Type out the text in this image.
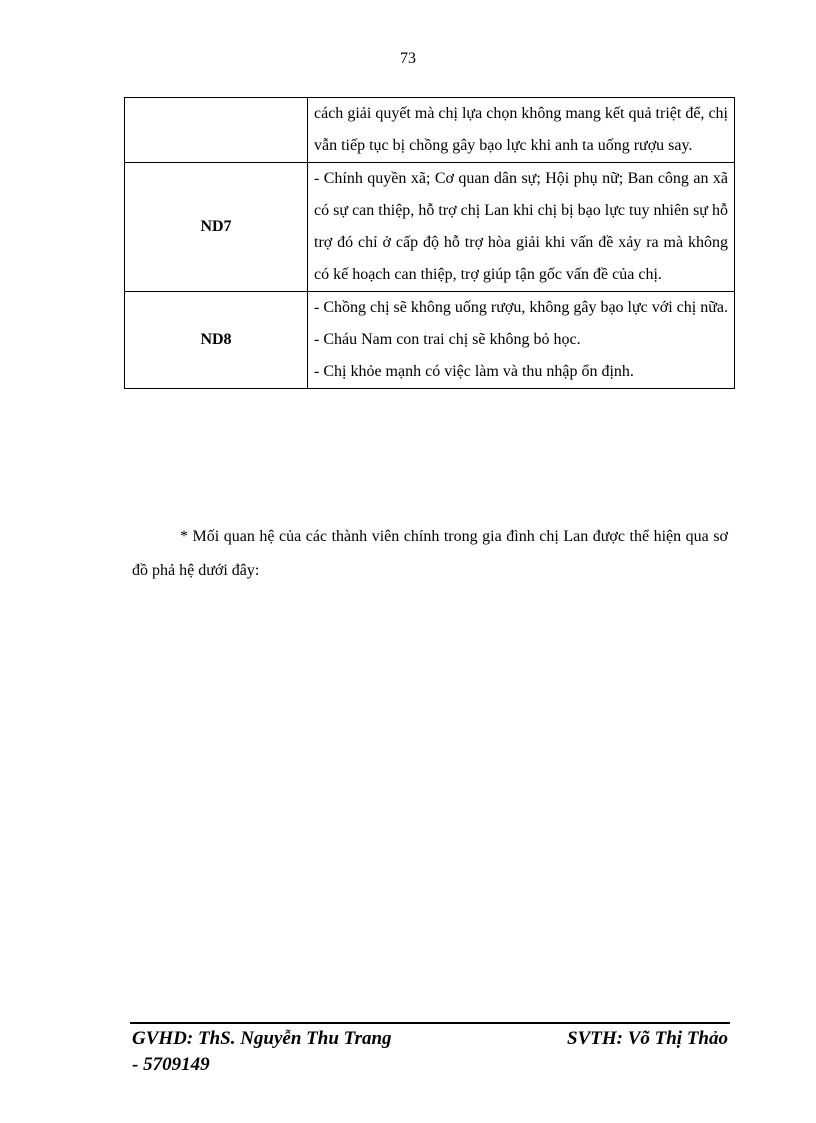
73

	cách giải quyết mà chị lựa chọn không mang kết quả triệt để, chị vẫn tiếp tục bị chồng gây bạo lực khi anh ta uống rượu say.

ND7	- Chính quyền xã; Cơ quan dân sự; Hội phụ nữ; Ban công an xã có sự can thiệp, hỗ trợ chị Lan khi chị bị bạo lực tuy nhiên sự hỗ trợ đó chỉ ở cấp độ hỗ trợ hòa giải khi vấn đề xảy ra mà không có kế hoạch can thiệp, trợ giúp tận gốc vấn đề của chị.

ND8	- Chồng chị sẽ không uống rượu, không gây bạo lực với chị nữa.
- Cháu Nam con trai chị sẽ không bỏ học.
- Chị khỏe mạnh có việc làm và thu nhập ổn định.
* Mối quan hệ của các thành viên chính trong gia đình chị Lan được thể hiện qua sơ đồ phả hệ dưới đây:
GVHD: ThS. Nguyễn Thu Trang	SVTH: Võ Thị Thảo
- 5709149
